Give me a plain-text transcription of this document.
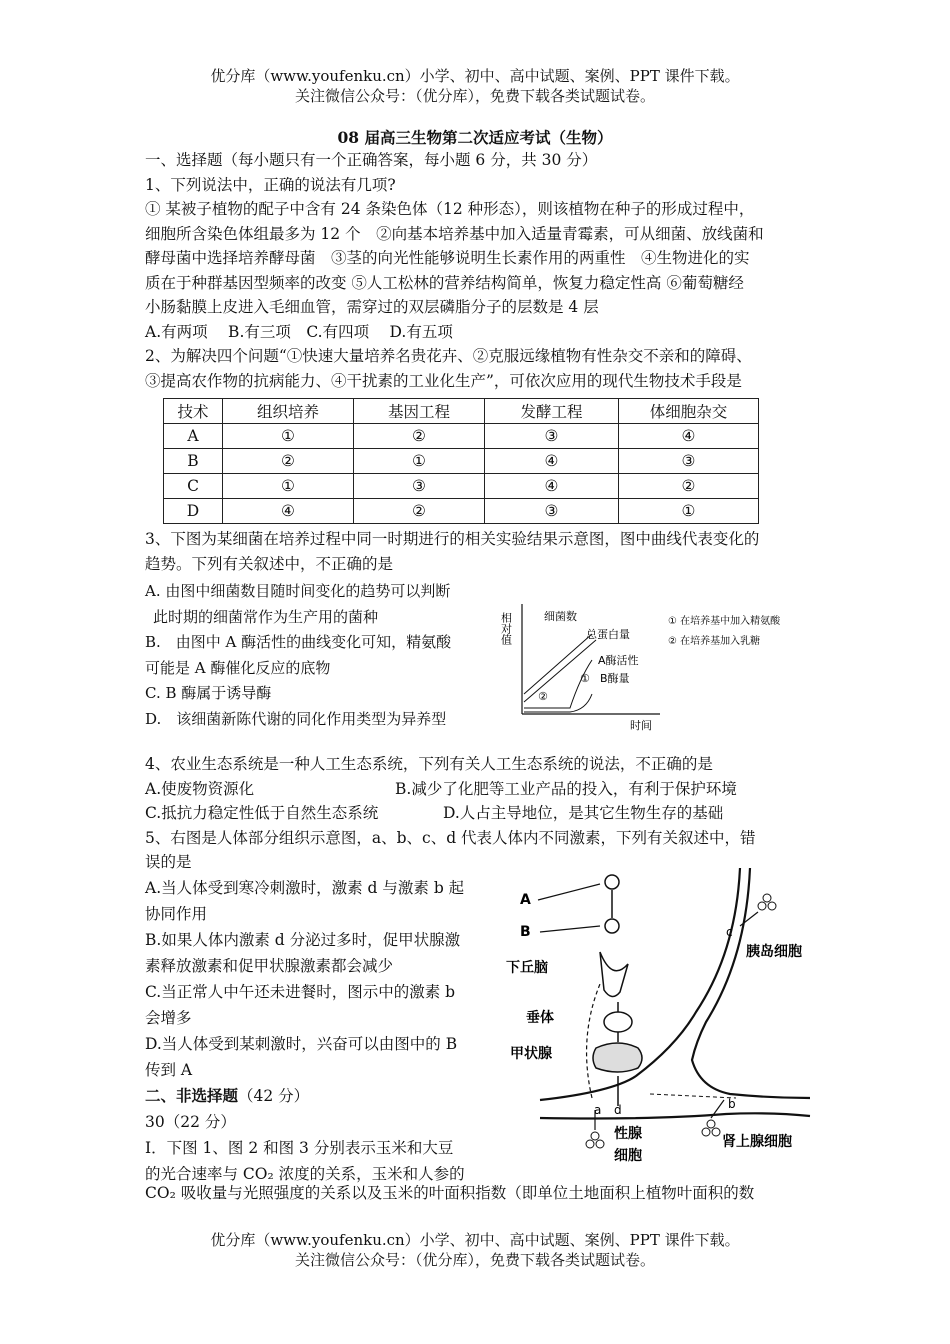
优分库（www.youfenku.cn）小学、初中、高中试题、案例、PPT 课件下载。
关注微信公众号：（优分库），免费下载各类试题试卷。
08 届高三生物第二次适应考试（生物）
一、选择题（每小题只有一个正确答案，每小题 6 分，共 30 分）
1、下列说法中，正确的说法有几项?
① 某被子植物的配子中含有 24 条染色体（12 种形态），则该植物在种子的形成过程中，
细胞所含染色体组最多为 12 个　②向基本培养基中加入适量青霉素，可从细菌、放线菌和
酵母菌中选择培养酵母菌　③茎的向光性能够说明生长素作用的两重性　④生物进化的实
质在于种群基因型频率的改变 ⑤人工松林的营养结构简单，恢复力稳定性高 ⑥葡萄糖经
小肠黏膜上皮进入毛细血管，需穿过的双层磷脂分子的层数是 4 层
A.有两项　 B.有三项　C.有四项　 D.有五项
2、为解决四个问题“①快速大量培养名贵花卉、②克服远缘植物有性杂交不亲和的障碍、
③提高农作物的抗病能力、④干扰素的工业化生产”，可依次应用的现代生物技术手段是
技术	组织培养	基因工程	发酵工程	体细胞杂交
A	①	②	③	④
B	②	①	④	③
C	①	③	④	②
D	④	②	③	①
3、下图为某细菌在培养过程中同一时期进行的相关实验结果示意图，图中曲线代表变化的
趋势。下列有关叙述中，不正确的是
A. 由图中细菌数目随时间变化的趋势可以判断
此时期的细菌常作为生产用的菌种
B.　由图中 A 酶活性的曲线变化可知，精氨酸
可能是 A 酶催化反应的底物
C. B 酶属于诱导酶
D.　该细菌新陈代谢的同化作用类型为异养型
相对值
时间
细菌数
总蛋白量
A酶活性
B酶量
①
②
① 在培养基中加入精氨酸
② 在培养基加入乳糖
4、农业生态系统是一种人工生态系统，下列有关人工生态系统的说法，不正确的是
A.使废物资源化	B.减少了化肥等工业产品的投入，有利于保护环境
C.抵抗力稳定性低于自然生态系统	D.人占主导地位，是其它生物生存的基础
5、右图是人体部分组织示意图，a、b、c、d 代表人体内不同激素，下列有关叙述中，错
误的是
A.当人体受到寒冷刺激时，激素 d 与激素 b 起
协同作用
B.如果人体内激素 d 分泌过多时，促甲状腺激
素释放激素和促甲状腺激素都会减少
C.当正常人中午还未进餐时，图示中的激素 b
会增多
D.当人体受到某刺激时，兴奋可以由图中的 B
传到 A
二、非选择题（42 分）
30（22 分）
Ⅰ．下图 1、图 2 和图 3 分别表示玉米和大豆
的光合速率与 CO₂ 浓度的关系，玉米和人参的
CO₂ 吸收量与光照强度的关系以及玉米的叶面积指数（即单位土地面积上植物叶面积的数
A
B
下丘脑
垂体
甲状腺
胰岛细胞
性腺
细胞
肾上腺细胞
a	b
c
d
优分库（www.youfenku.cn）小学、初中、高中试题、案例、PPT 课件下载。
关注微信公众号：（优分库），免费下载各类试题试卷。
